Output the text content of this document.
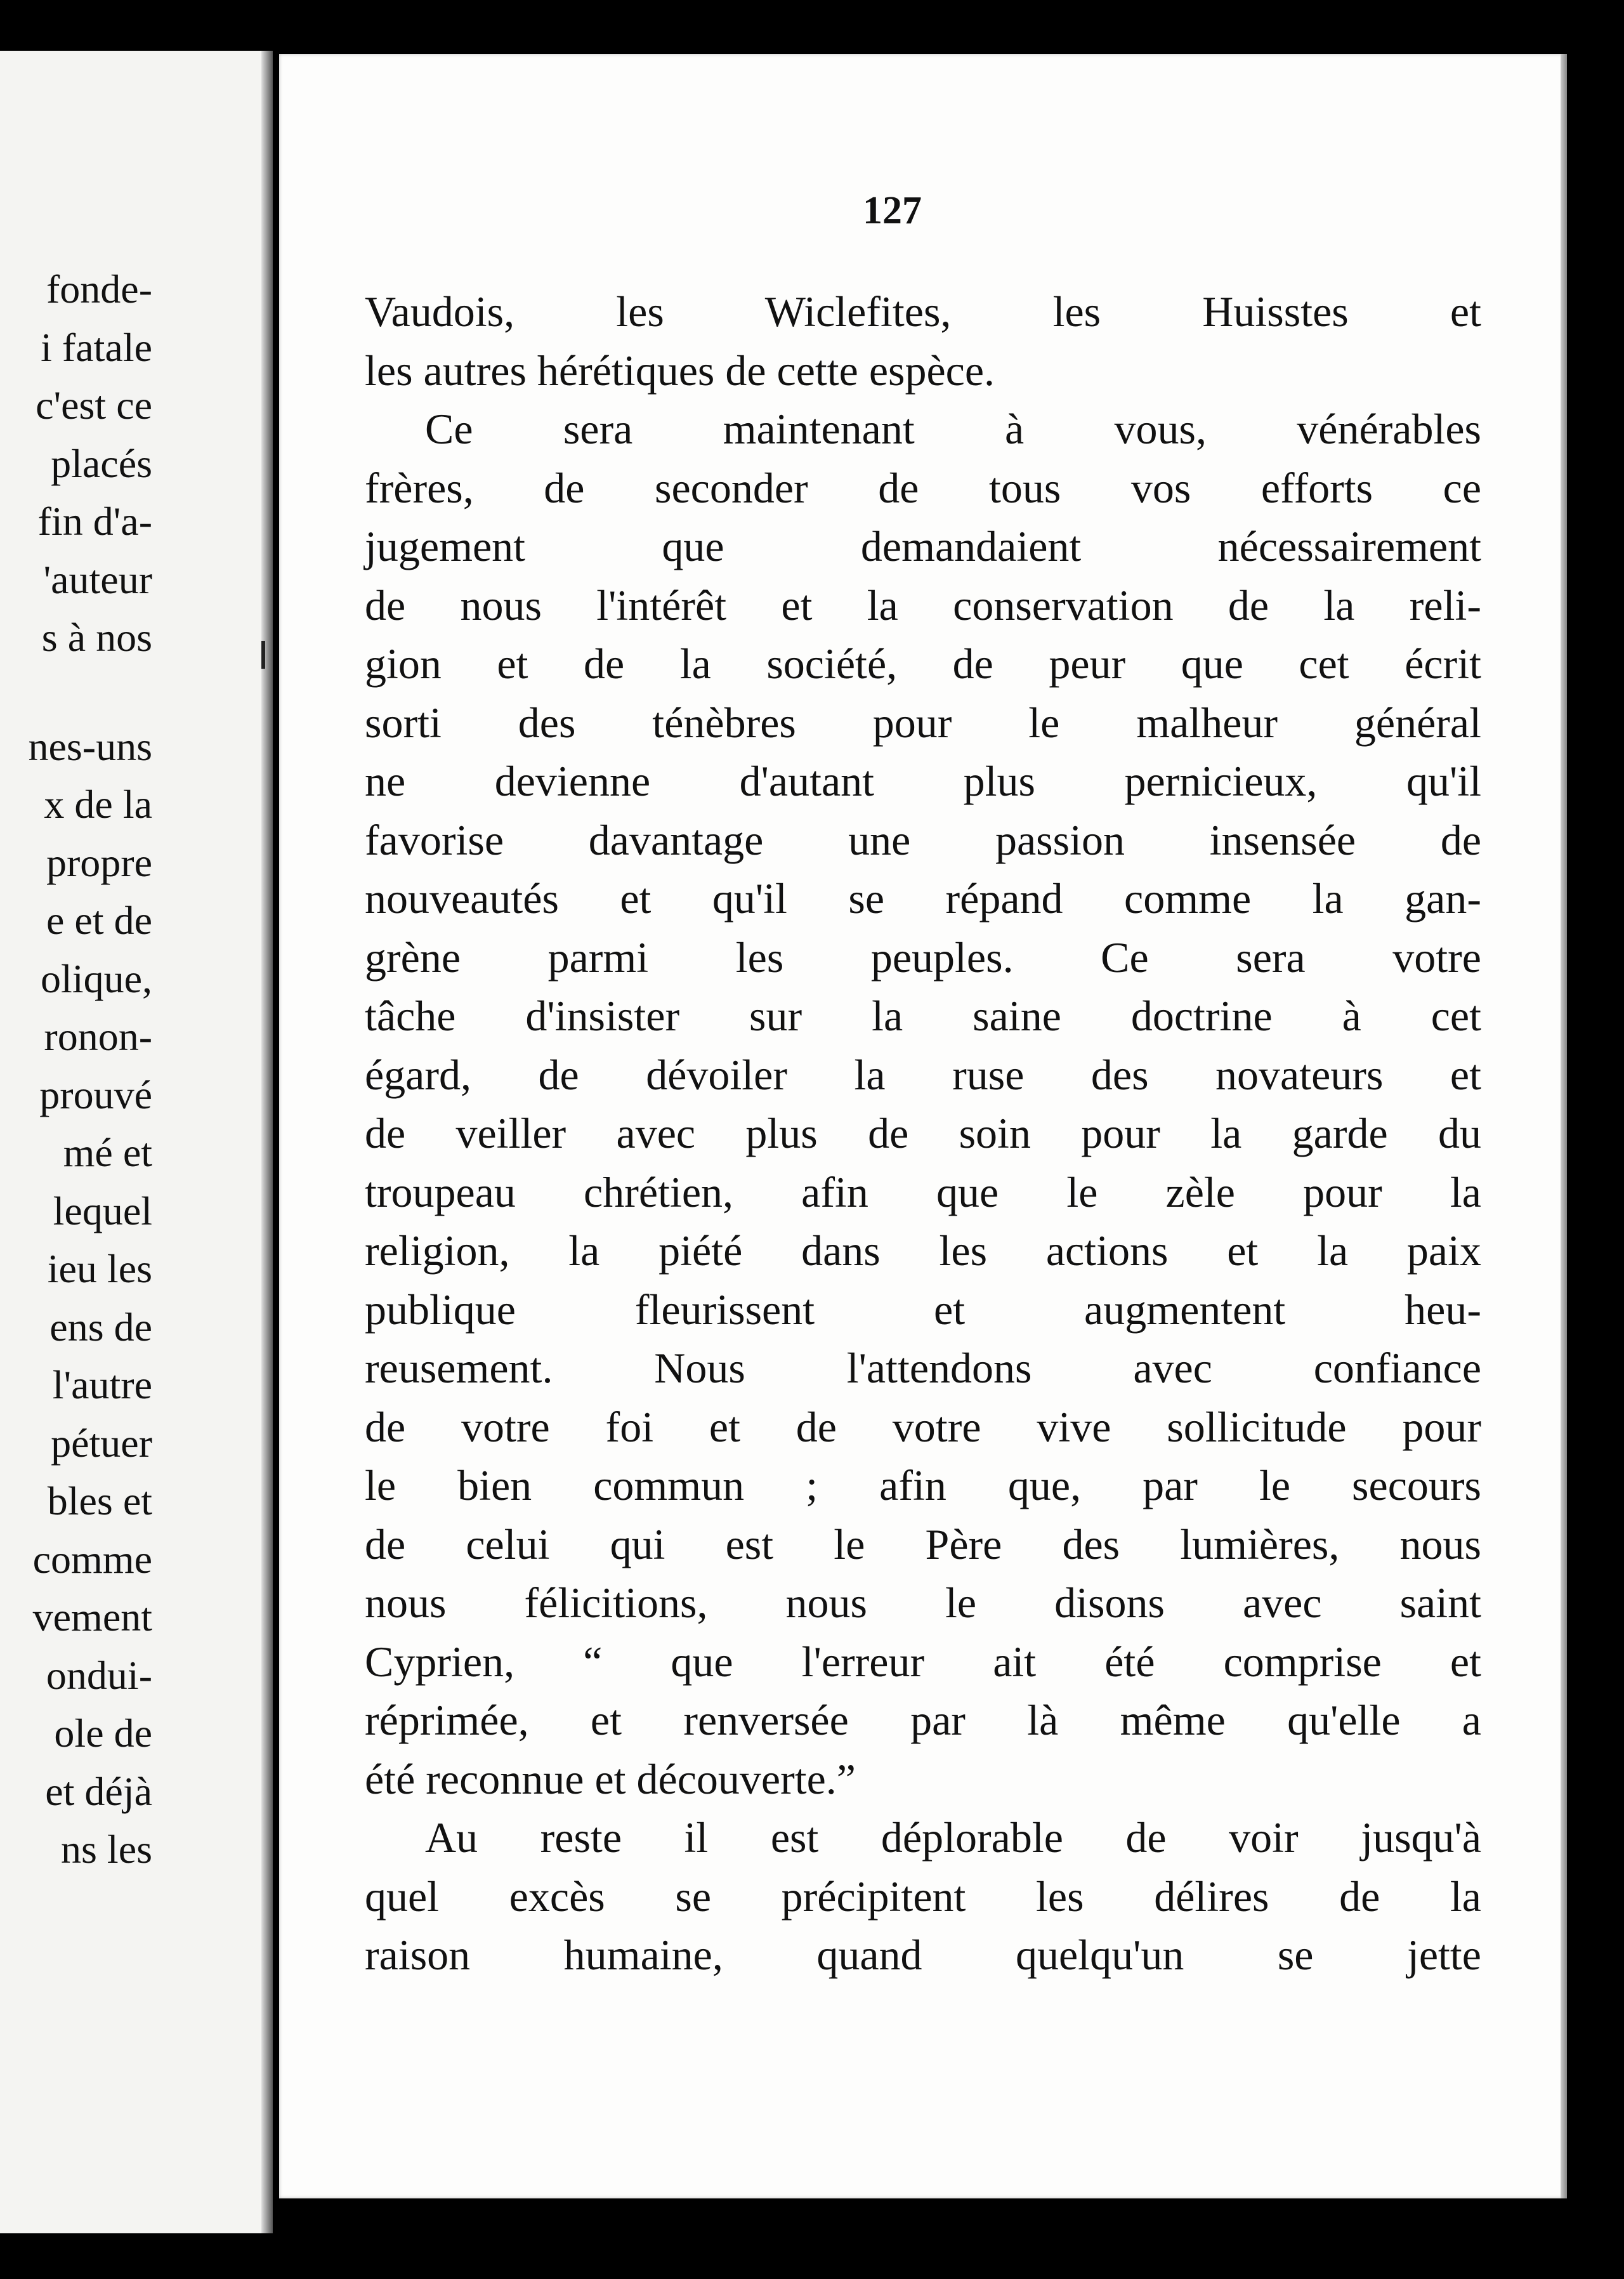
fonde-
i fatale
c'est ce
placés
fin d'a-
'auteur
s à nos
nes-uns
x de la
propre
e et de
olique,
ronon-
prouvé
mé et
lequel
ieu les
ens de
l'autre
pétuer
bles et
comme
vement
ondui-
ole de
et déjà
ns les
127
Vaudois, les Wiclefites, les Huisstes et
les autres hérétiques de cette espèce.
Ce sera maintenant à vous, vénérables
frères, de seconder de tous vos efforts ce
jugement que demandaient nécessairement
de nous l'intérêt et la conservation de la reli-
gion et de la société, de peur que cet écrit
sorti des ténèbres pour le malheur général
ne devienne d'autant plus pernicieux, qu'il
favorise davantage une passion insensée de
nouveautés et qu'il se répand comme la gan-
grène parmi les peuples. Ce sera votre
tâche d'insister sur la saine doctrine à cet
égard, de dévoiler la ruse des novateurs et
de veiller avec plus de soin pour la garde du
troupeau chrétien, afin que le zèle pour la
religion, la piété dans les actions et la paix
publique fleurissent et augmentent heu-
reusement. Nous l'attendons avec confiance
de votre foi et de votre vive sollicitude pour
le bien commun ; afin que, par le secours
de celui qui est le Père des lumières, nous
nous félicitions, nous le disons avec saint
Cyprien, “ que l'erreur ait été comprise et
réprimée, et renversée par là même qu'elle a
été reconnue et découverte.”
Au reste il est déplorable de voir jusqu'à
quel excès se précipitent les délires de la
raison humaine, quand quelqu'un se jette
